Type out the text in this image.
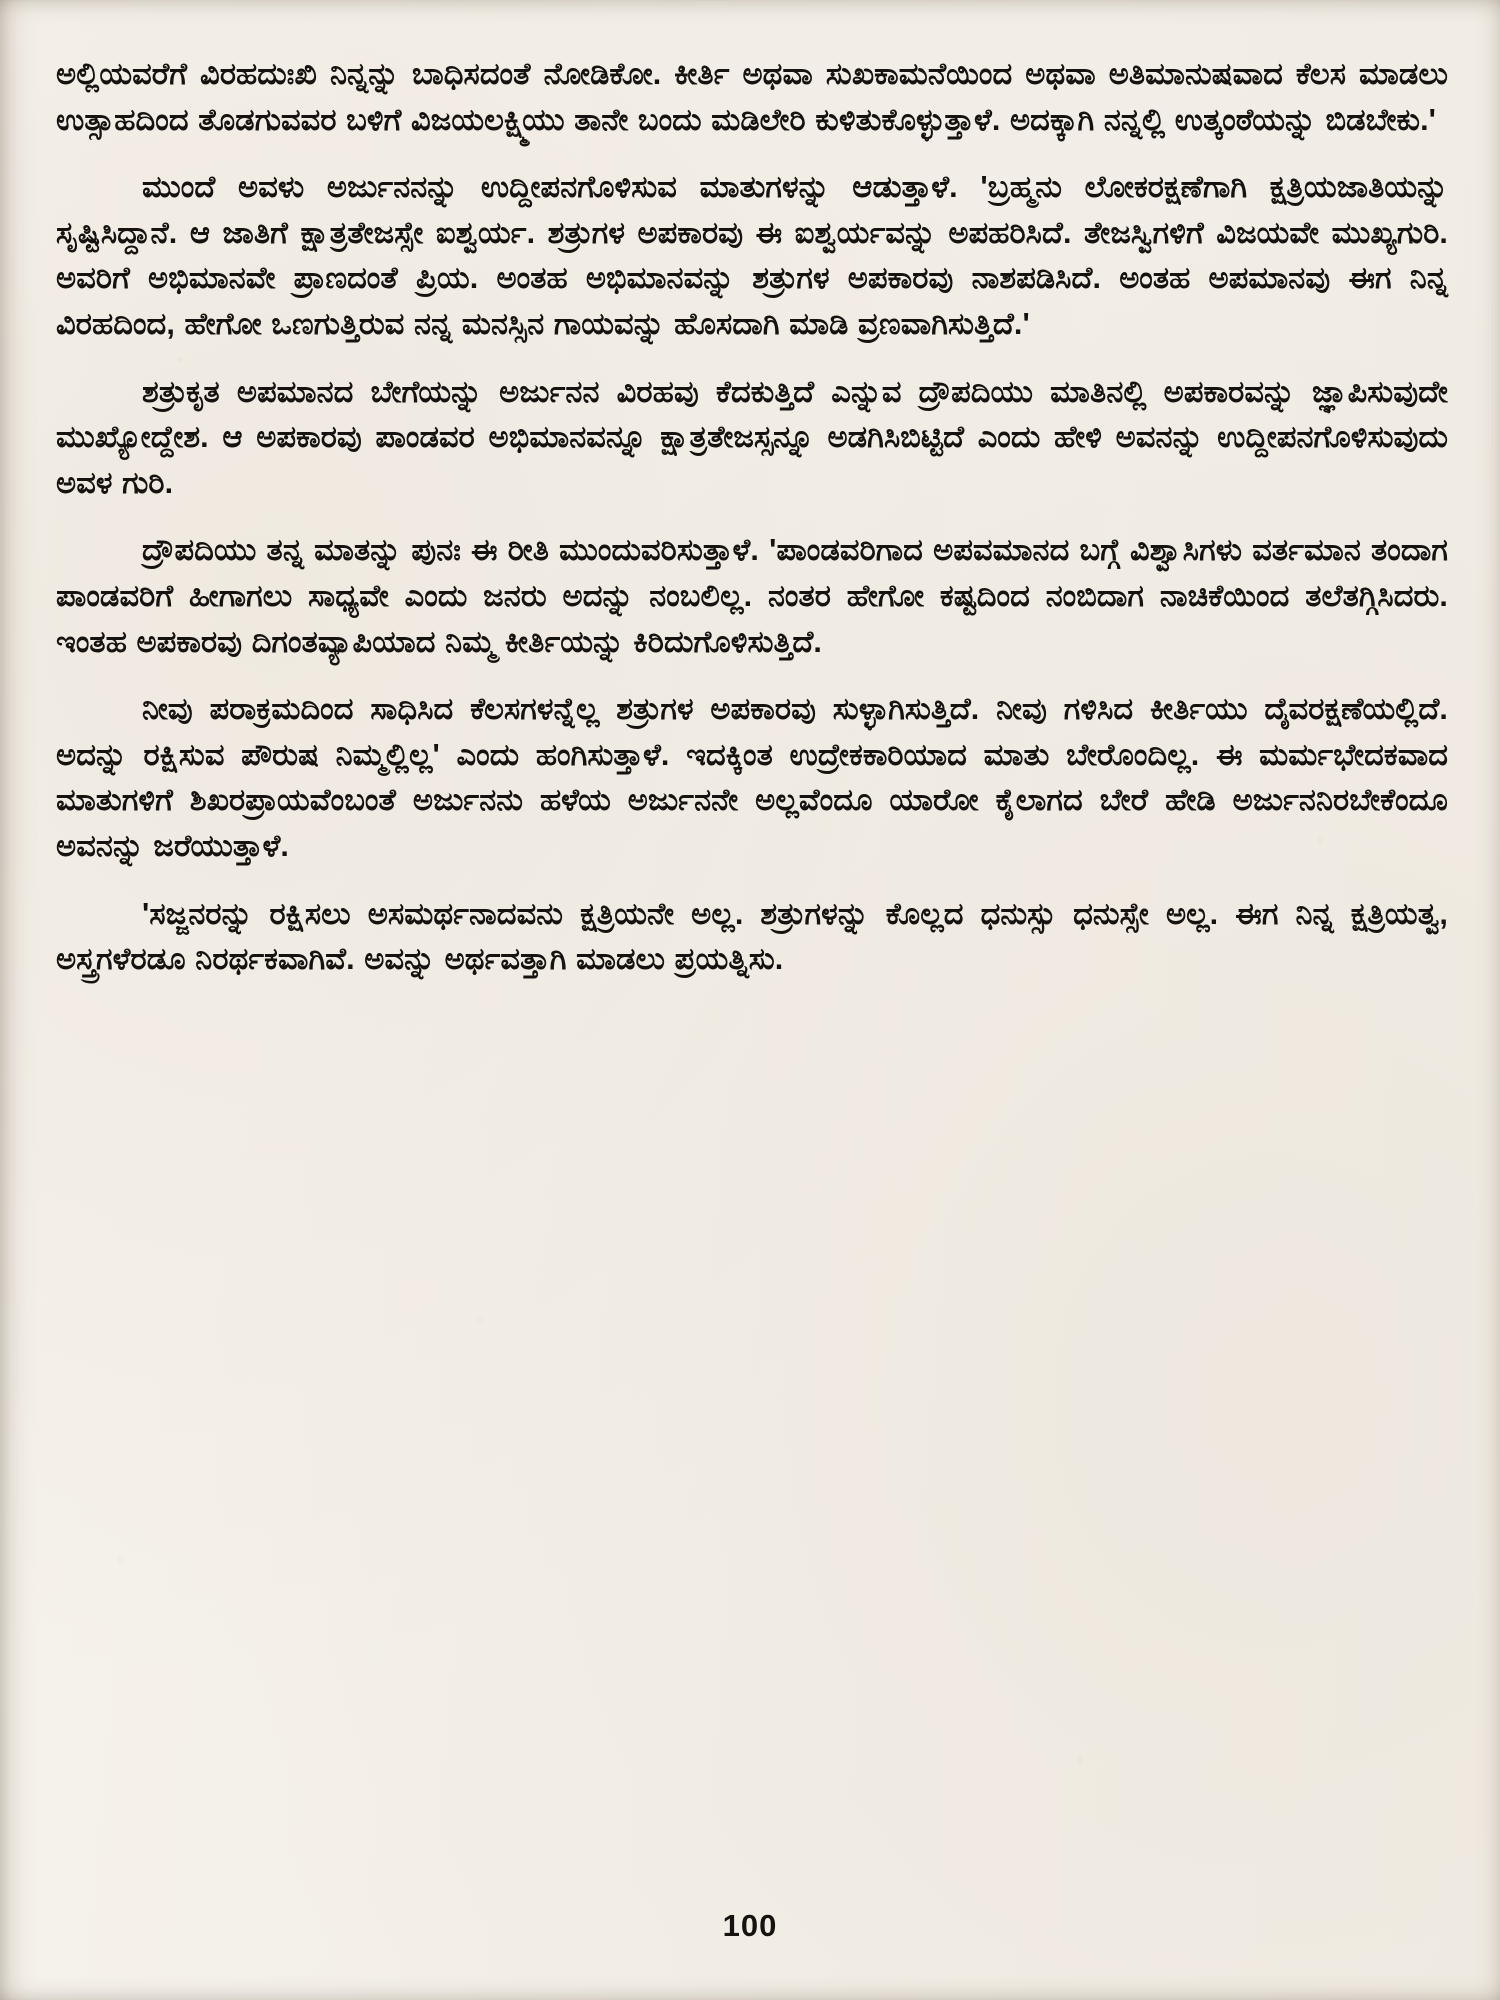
ಅಲ್ಲಿಯವರೆಗೆ ವಿರಹದುಃಖಿ ನಿನ್ನನ್ನು ಬಾಧಿಸದಂತೆ ನೋಡಿಕೋ. ಕೀರ್ತಿ ಅಥವಾ ಸುಖಕಾಮನೆಯಿಂದ ಅಥವಾ ಅತಿಮಾನುಷವಾದ ಕೆಲಸ ಮಾಡಲು ಉತ್ಸಾಹದಿಂದ ತೊಡಗುವವರ ಬಳಿಗೆ ವಿಜಯಲಕ್ಷ್ಮಿಯು ತಾನೇ ಬಂದು ಮಡಿಲೇರಿ ಕುಳಿತುಕೊಳ್ಳುತ್ತಾಳೆ. ಅದಕ್ಕಾಗಿ ನನ್ನಲ್ಲಿ ಉತ್ಕಂಠೆಯನ್ನು ಬಿಡಬೇಕು.'

ಮುಂದೆ ಅವಳು ಅರ್ಜುನನನ್ನು ಉದ್ದೀಪನಗೊಳಿಸುವ ಮಾತುಗಳನ್ನು ಆಡುತ್ತಾಳೆ. 'ಬ್ರಹ್ಮನು ಲೋಕರಕ್ಷಣೆಗಾಗಿ ಕ್ಷತ್ರಿಯಜಾತಿಯನ್ನು ಸೃಷ್ಟಿಸಿದ್ದಾನೆ. ಆ ಜಾತಿಗೆ ಕ್ಷಾತ್ರತೇಜಸ್ಸೇ ಐಶ್ವರ್ಯ. ಶತ್ರುಗಳ ಅಪಕಾರವು ಈ ಐಶ್ವರ್ಯವನ್ನು ಅಪಹರಿಸಿದೆ. ತೇಜಸ್ವಿಗಳಿಗೆ ವಿಜಯವೇ ಮುಖ್ಯಗುರಿ. ಅವರಿಗೆ ಅಭಿಮಾನವೇ ಪ್ರಾಣದಂತೆ ಪ್ರಿಯ. ಅಂತಹ ಅಭಿಮಾನವನ್ನು ಶತ್ರುಗಳ ಅಪಕಾರವು ನಾಶಪಡಿಸಿದೆ. ಅಂತಹ ಅಪಮಾನವು ಈಗ ನಿನ್ನ ವಿರಹದಿಂದ, ಹೇಗೋ ಒಣಗುತ್ತಿರುವ ನನ್ನ ಮನಸ್ಸಿನ ಗಾಯವನ್ನು ಹೊಸದಾಗಿ ಮಾಡಿ ವ್ರಣವಾಗಿಸುತ್ತಿದೆ.'

ಶತ್ರುಕೃತ ಅಪಮಾನದ ಬೇಗೆಯನ್ನು ಅರ್ಜುನನ ವಿರಹವು ಕೆದಕುತ್ತಿದೆ ಎನ್ನುವ ದ್ರೌಪದಿಯು ಮಾತಿನಲ್ಲಿ ಅಪಕಾರವನ್ನು ಜ್ಞಾಪಿಸುವುದೇ ಮುಖ್ಯೋದ್ದೇಶ. ಆ ಅಪಕಾರವು ಪಾಂಡವರ ಅಭಿಮಾನವನ್ನೂ ಕ್ಷಾತ್ರತೇಜಸ್ಸನ್ನೂ ಅಡಗಿಸಿಬಿಟ್ಟಿದೆ ಎಂದು ಹೇಳಿ ಅವನನ್ನು ಉದ್ದೀಪನಗೊಳಿಸುವುದು ಅವಳ ಗುರಿ.

ದ್ರೌಪದಿಯು ತನ್ನ ಮಾತನ್ನು ಪುನಃ ಈ ರೀತಿ ಮುಂದುವರಿಸುತ್ತಾಳೆ. 'ಪಾಂಡವರಿಗಾದ ಅಪವಮಾನದ ಬಗ್ಗೆ ವಿಶ್ವಾಸಿಗಳು ವರ್ತಮಾನ ತಂದಾಗ ಪಾಂಡವರಿಗೆ ಹೀಗಾಗಲು ಸಾಧ್ಯವೇ ಎಂದು ಜನರು ಅದನ್ನು ನಂಬಲಿಲ್ಲ. ನಂತರ ಹೇಗೋ ಕಷ್ಟದಿಂದ ನಂಬಿದಾಗ ನಾಚಿಕೆಯಿಂದ ತಲೆತಗ್ಗಿಸಿದರು. ಇಂತಹ ಅಪಕಾರವು ದಿಗಂತವ್ಯಾಪಿಯಾದ ನಿಮ್ಮ ಕೀರ್ತಿಯನ್ನು ಕಿರಿದುಗೊಳಿಸುತ್ತಿದೆ.

ನೀವು ಪರಾಕ್ರಮದಿಂದ ಸಾಧಿಸಿದ ಕೆಲಸಗಳನ್ನೆಲ್ಲ ಶತ್ರುಗಳ ಅಪಕಾರವು ಸುಳ್ಳಾಗಿಸುತ್ತಿದೆ. ನೀವು ಗಳಿಸಿದ ಕೀರ್ತಿಯು ದೈವರಕ್ಷಣೆಯಲ್ಲಿದೆ. ಅದನ್ನು ರಕ್ಷಿಸುವ ಪೌರುಷ ನಿಮ್ಮಲ್ಲಿಲ್ಲ' ಎಂದು ಹಂಗಿಸುತ್ತಾಳೆ. ಇದಕ್ಕಿಂತ ಉದ್ರೇಕಕಾರಿಯಾದ ಮಾತು ಬೇರೊಂದಿಲ್ಲ. ಈ ಮರ್ಮಭೇದಕವಾದ ಮಾತುಗಳಿಗೆ ಶಿಖರಪ್ರಾಯವೆಂಬಂತೆ ಅರ್ಜುನನು ಹಳೆಯ ಅರ್ಜುನನೇ ಅಲ್ಲವೆಂದೂ ಯಾರೋ ಕೈಲಾಗದ ಬೇರೆ ಹೇಡಿ ಅರ್ಜುನನಿರಬೇಕೆಂದೂ ಅವನನ್ನು ಜರೆಯುತ್ತಾಳೆ.

'ಸಜ್ಜನರನ್ನು ರಕ್ಷಿಸಲು ಅಸಮರ್ಥನಾದವನು ಕ್ಷತ್ರಿಯನೇ ಅಲ್ಲ. ಶತ್ರುಗಳನ್ನು ಕೊಲ್ಲದ ಧನುಸ್ಸು ಧನುಸ್ಸೇ ಅಲ್ಲ. ಈಗ ನಿನ್ನ ಕ್ಷತ್ರಿಯತ್ವ, ಅಸ್ತ್ರಗಳೆರಡೂ ನಿರರ್ಥಕವಾಗಿವೆ. ಅವನ್ನು ಅರ್ಥವತ್ತಾಗಿ ಮಾಡಲು ಪ್ರಯತ್ನಿಸು.

100
